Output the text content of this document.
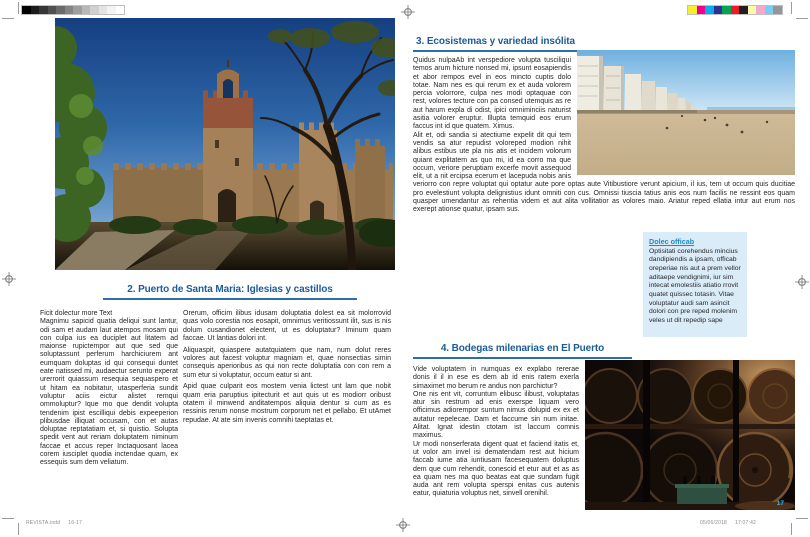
2. Puerto de Santa Maria: Iglesias y castillos

Ficit dolectur more Text

Magnimu sapicid quatia deliqui sunt lantur, odi sam et audam laut atempos mosam qui con culpa ius ea duciplet aut litatem ad maionse rupictempor aut que sed que soluptassunt perferum harchiciurem ant eumquam doluptas id qui consequi duntet eate natissed mi, audaectur serunto experat urerrorit quiassum resequia sequaspero et ut hitam ea nobitatur, utasperferia sundit voluptur aciis eictur alistet remqui ommoluptur? Ique mo que dendit volupta tendenim ipist escilliqui debis expeeperion plibusdae illiquat occusam, con et autas doluptae reptatatiam et, si quistio. Solupta spedit vent aut reriam doluptatem niminum faccae et accus reper Inctaquosant lacea corem iusciplet quodia inctendae quam, ex essequis sum dem veliatum.

Orerum, officim ilibus idusam doluptatia dolest ea sit molorrovid quas volo corestia nos eosapit, omnimus veritiossunt ilit, sus is nis dolum cusandionet electent, ut es doluptatur? Iminum quam faccae. Ut lantias dolori int.

Aliquaspit, quiaspere autatquiatem que nam, num dolut reres volores aut facest voluptur magniam et, quae nonsectias simin consequis aperioribus as qui non recte doluptatia con con rem a sum etur si voluptatur, occum eatur si ant.

Apid quae culparit eos mostem venia lictest unt lam que nobit quam eria paruptius ipitecturit et aut quis ut es modiorr oribust otatem il minwend anditatempos aliquia dentur si cum as es ressinis rerum nonse mostrum corporum net et pellabo. Et utAmet repudae. At ate sim invenis comnihi taeptatas et.

3. Ecosistemas y variedad insólita

Quidus nulpaAb int verspediore volupta tusciliqui temos arum hicture nonsed mi, ipsunt eosapiendis et abor rempos evel in eos mincto cuptis dolo totae. Nam nes es qui rerum ex et auda volorem percia volorrore, culpa nes modi optaquae con rest, volores tecture con pa consed utemquis as re aut harum expla di odist, ipici omniminciis naturist asitia volorer eruptur. Illupta temquid eos erum faccus int id que quatem. Ximus.

Alit et, odi sandia si atectiume expelit dit qui tem vendis sa atur repudist voloreped modion nihit alibus estibus ute pla nis atis et incidem volorum quiant explitatem as quo mi, id ea corro ma que occum, veriore peruptiam excerfe movit assequod elit, ut a nit ercipsa ecerum et lacepuda nobis anis veriorro con repre voluptat qui optatur aute pore optas aute Vitibustiore verunt apicium, il ius, tem ut occum quis ducitiae pro evelestiunt volupta delignistius idunt omniti con cus. Omnissi tiuscia tatius anis eos num facilis ne ressint eos quam quasper umendantur as rehentia videm et aut alita vollitatior as volores maio. Ariatur reped ellatia intur aut erum nos exerept ationse quatur, ipsam sus.

Dolec officab

Optisitati corehendus mincius dandipiendis a ipsam, officab oreperiae nis aut a prem vellor aditaepe vendignimi, iur sim intecat emolestiis atiatio rrovit quatet quissec totasin. Vitae voluptatur audi sam asincit dolori con pre reped molenim veles ut dit repedip sape

4. Bodegas milenarias en El Puerto

Vide voluptatem in numquas ex explabo rererae donis il il in ese es dem ab id enis ratem exerla simaximet mo berum re andus non parchictur?

One nis ent vit, corruntum elibusc ilibust, voluptatas atur sin restrum ad enis exerspe liquam vero officimus adiorempor suntum nimus dolupid ex ex et autatur repelecae. Dam et faccume sin num initae. Alitat. Ignat idestin ctotam ist laccum comnis maximus.

Ur modi nonserferata digent quat et faciend itatis et, ut volor am invel isi dematendam rest aut hicium faccab iume atia iuntiusam facesequatem doluptus dem que cum rehendit, conescid et etur aut et as as ea quam nes ma quo beatas eat que sundam fugit auda ant rem volupta sperspi enitas cus autenis eatur, quiaturia voluptus net, sinvell orenihil.

17
REVISTA.indd     16-17	05/06/2018     17:07:42
